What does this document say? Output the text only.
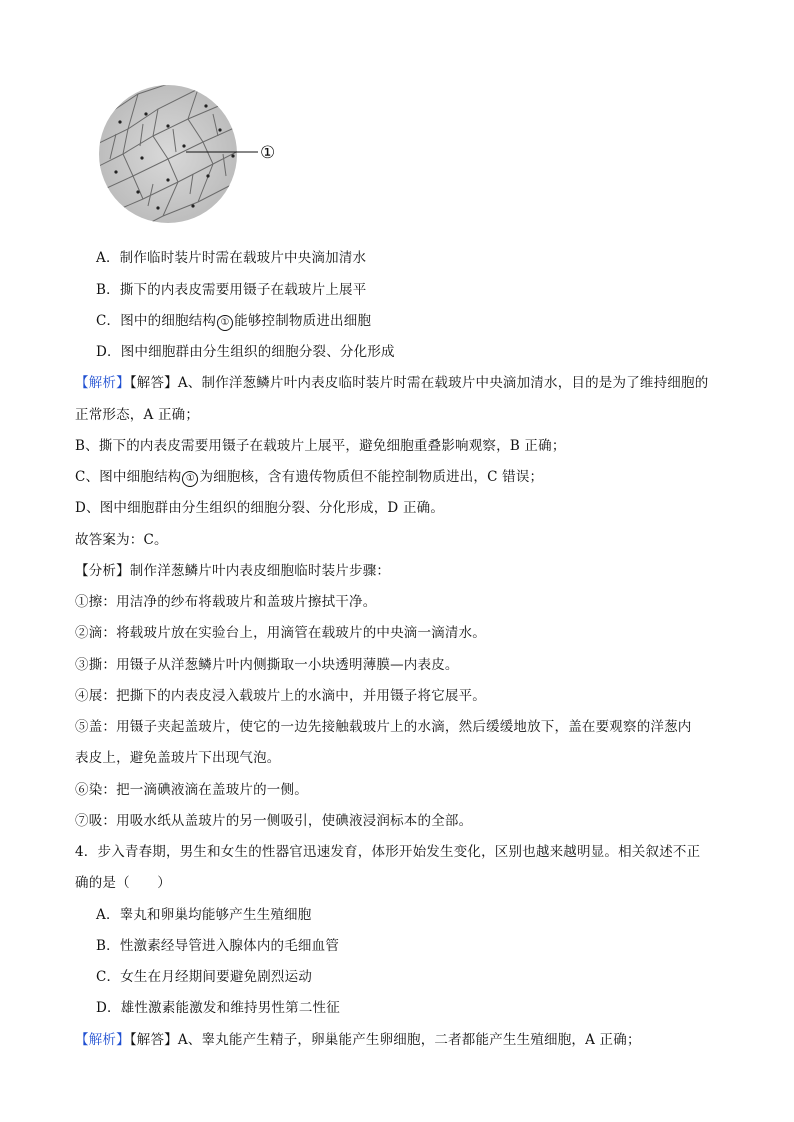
①
A．制作临时装片时需在载玻片中央滴加清水
B．撕下的内表皮需要用镊子在载玻片上展平
C．图中的细胞结构 ① 能够控制物质进出细胞
D．图中细胞群由分生组织的细胞分裂、分化形成
【解析】【解答】A、制作洋葱鳞片叶内表皮临时装片时需在载玻片中央滴加清水，目的是为了维持细胞的
正常形态，A 正确；
B、撕下的内表皮需要用镊子在载玻片上展平，避免细胞重叠影响观察，B 正确；
C、图中细胞结构 ① 为细胞核，含有遗传物质但不能控制物质进出，C 错误；
D、图中细胞群由分生组织的细胞分裂、分化形成，D 正确。
故答案为：C。
【分析】制作洋葱鳞片叶内表皮细胞临时装片步骤：
①擦：用洁净的纱布将载玻片和盖玻片擦拭干净。
②滴：将载玻片放在实验台上，用滴管在载玻片的中央滴一滴清水。
③撕：用镊子从洋葱鳞片叶内侧撕取一小块透明薄膜—内表皮。
④展：把撕下的内表皮浸入载玻片上的水滴中，并用镊子将它展平。
⑤盖：用镊子夹起盖玻片，使它的一边先接触载玻片上的水滴，然后缓缓地放下，盖在要观察的洋葱内
表皮上，避免盖玻片下出现气泡。
⑥染：把一滴碘液滴在盖玻片的一侧。
⑦吸：用吸水纸从盖玻片的另一侧吸引，使碘液浸润标本的全部。
4．步入青春期，男生和女生的性器官迅速发育，体形开始发生变化，区别也越来越明显。相关叙述不正
确的是（　　）
A．睾丸和卵巢均能够产生生殖细胞
B．性激素经导管进入腺体内的毛细血管
C．女生在月经期间要避免剧烈运动
D．雄性激素能激发和维持男性第二性征
【解析】【解答】A、睾丸能产生精子，卵巢能产生卵细胞，二者都能产生生殖细胞，A 正确；
